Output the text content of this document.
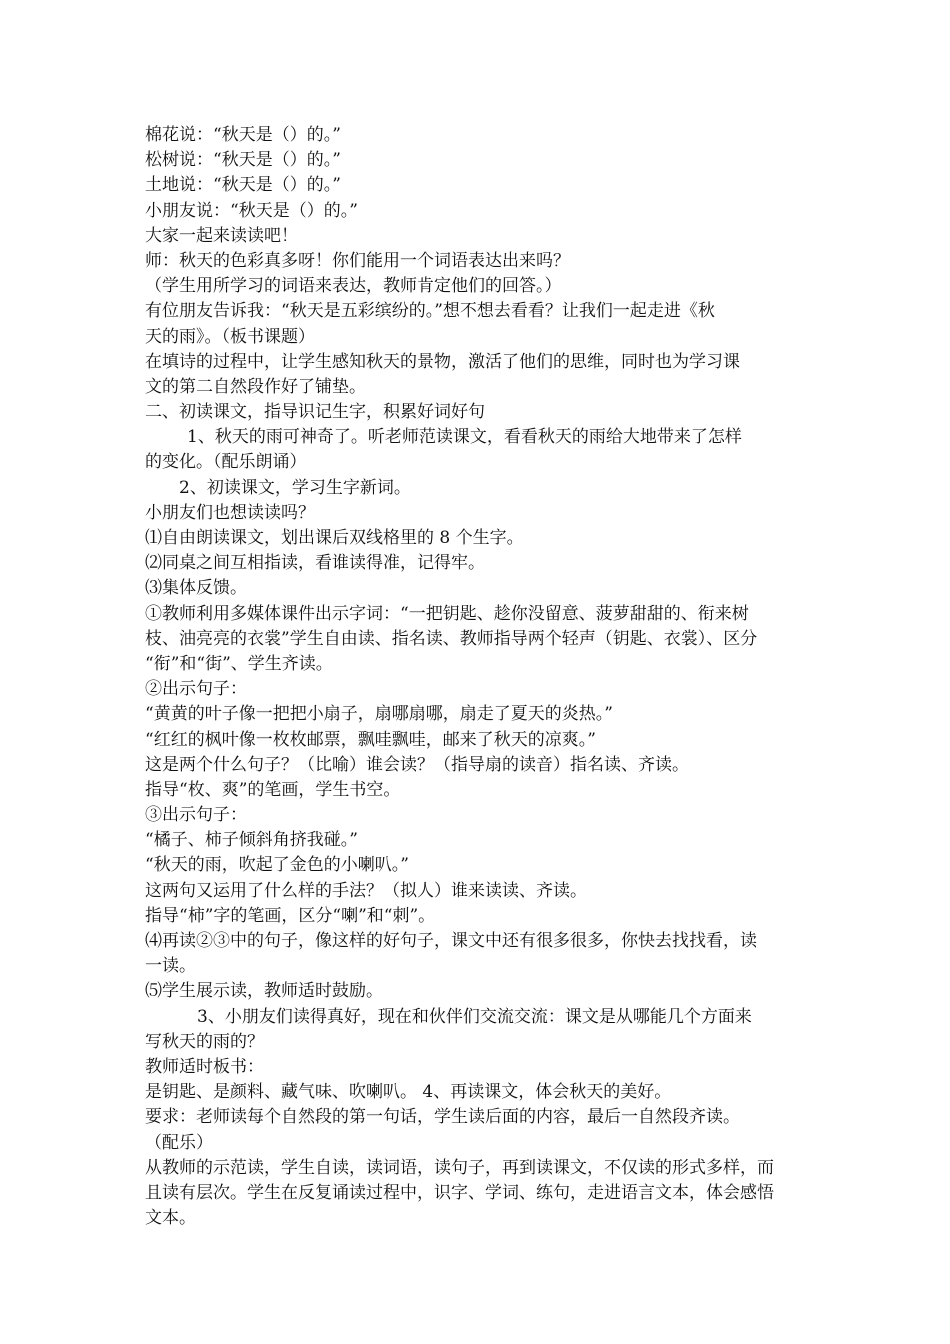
棉花说：“秋天是（）的。”
松树说：“秋天是（）的。”
土地说：“秋天是（）的。”
小朋友说：“秋天是（）的。”
大家一起来读读吧！
师：秋天的色彩真多呀！你们能用一个词语表达出来吗？
（学生用所学习的词语来表达，教师肯定他们的回答。）
有位朋友告诉我：“秋天是五彩缤纷的。”想不想去看看？让我们一起走进《秋
天的雨》。（板书课题）
在填诗的过程中，让学生感知秋天的景物，激活了他们的思维，同时也为学习课
文的第二自然段作好了铺垫。
二、初读课文，指导识记生字，积累好词好句
1、秋天的雨可神奇了。听老师范读课文，看看秋天的雨给大地带来了怎样
的变化。（配乐朗诵）
2、初读课文，学习生字新词。
小朋友们也想读读吗？
⑴自由朗读课文，划出课后双线格里的 8 个生字。
⑵同桌之间互相指读，看谁读得准，记得牢。
⑶集体反馈。
①教师利用多媒体课件出示字词：“一把钥匙、趁你没留意、菠萝甜甜的、衔来树
枝、油亮亮的衣裳”学生自由读、指名读、教师指导两个轻声（钥匙、衣裳）、区分
“衔”和“街”、学生齐读。
②出示句子：
“黄黄的叶子像一把把小扇子，扇哪扇哪，扇走了夏天的炎热。”
“红红的枫叶像一枚枚邮票，飘哇飘哇，邮来了秋天的凉爽。”
这是两个什么句子？（比喻）谁会读？（指导扇的读音）指名读、齐读。
指导“枚、爽”的笔画，学生书空。
③出示句子：
“橘子、柿子倾斜角挤我碰。”
“秋天的雨，吹起了金色的小喇叭。”
这两句又运用了什么样的手法？（拟人）谁来读读、齐读。
指导“柿”字的笔画，区分“喇”和“刺”。
⑷再读②③中的句子，像这样的好句子，课文中还有很多很多，你快去找找看，读
一读。
⑸学生展示读，教师适时鼓励。
3、小朋友们读得真好，现在和伙伴们交流交流：课文是从哪能几个方面来
写秋天的雨的？
教师适时板书：
是钥匙、是颜料、藏气味、吹喇叭。 4、再读课文，体会秋天的美好。
要求：老师读每个自然段的第一句话，学生读后面的内容，最后一自然段齐读。
（配乐）
从教师的示范读，学生自读，读词语，读句子，再到读课文，不仅读的形式多样，而
且读有层次。学生在反复诵读过程中，识字、学词、练句，走进语言文本，体会感悟
文本。
